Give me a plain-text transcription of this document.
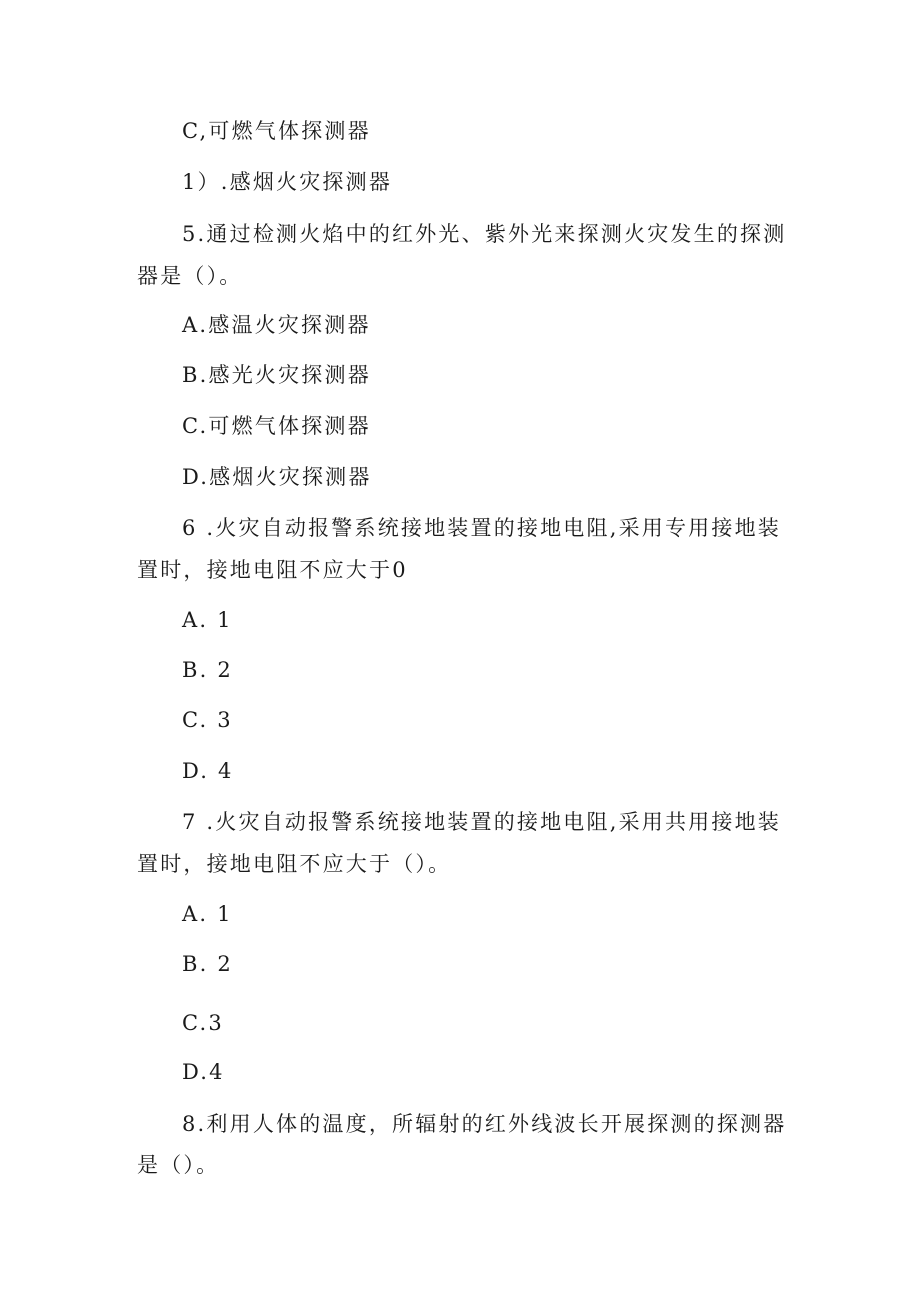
C,可燃气体探测器
1）.感烟火灾探测器
5.通过检测火焰中的红外光、紫外光来探测火灾发生的探测
器是（）。
A.感温火灾探测器
B.感光火灾探测器
C.可燃气体探测器
D.感烟火灾探测器
6 .火灾自动报警系统接地装置的接地电阻,采用专用接地装
置时，接地电阻不应大于0
A. 1
B. 2
C. 3
D. 4
7 .火灾自动报警系统接地装置的接地电阻,采用共用接地装
置时，接地电阻不应大于（）。
A. 1
B. 2
C.3
D.4
8.利用人体的温度，所辐射的红外线波长开展探测的探测器
是（）。
